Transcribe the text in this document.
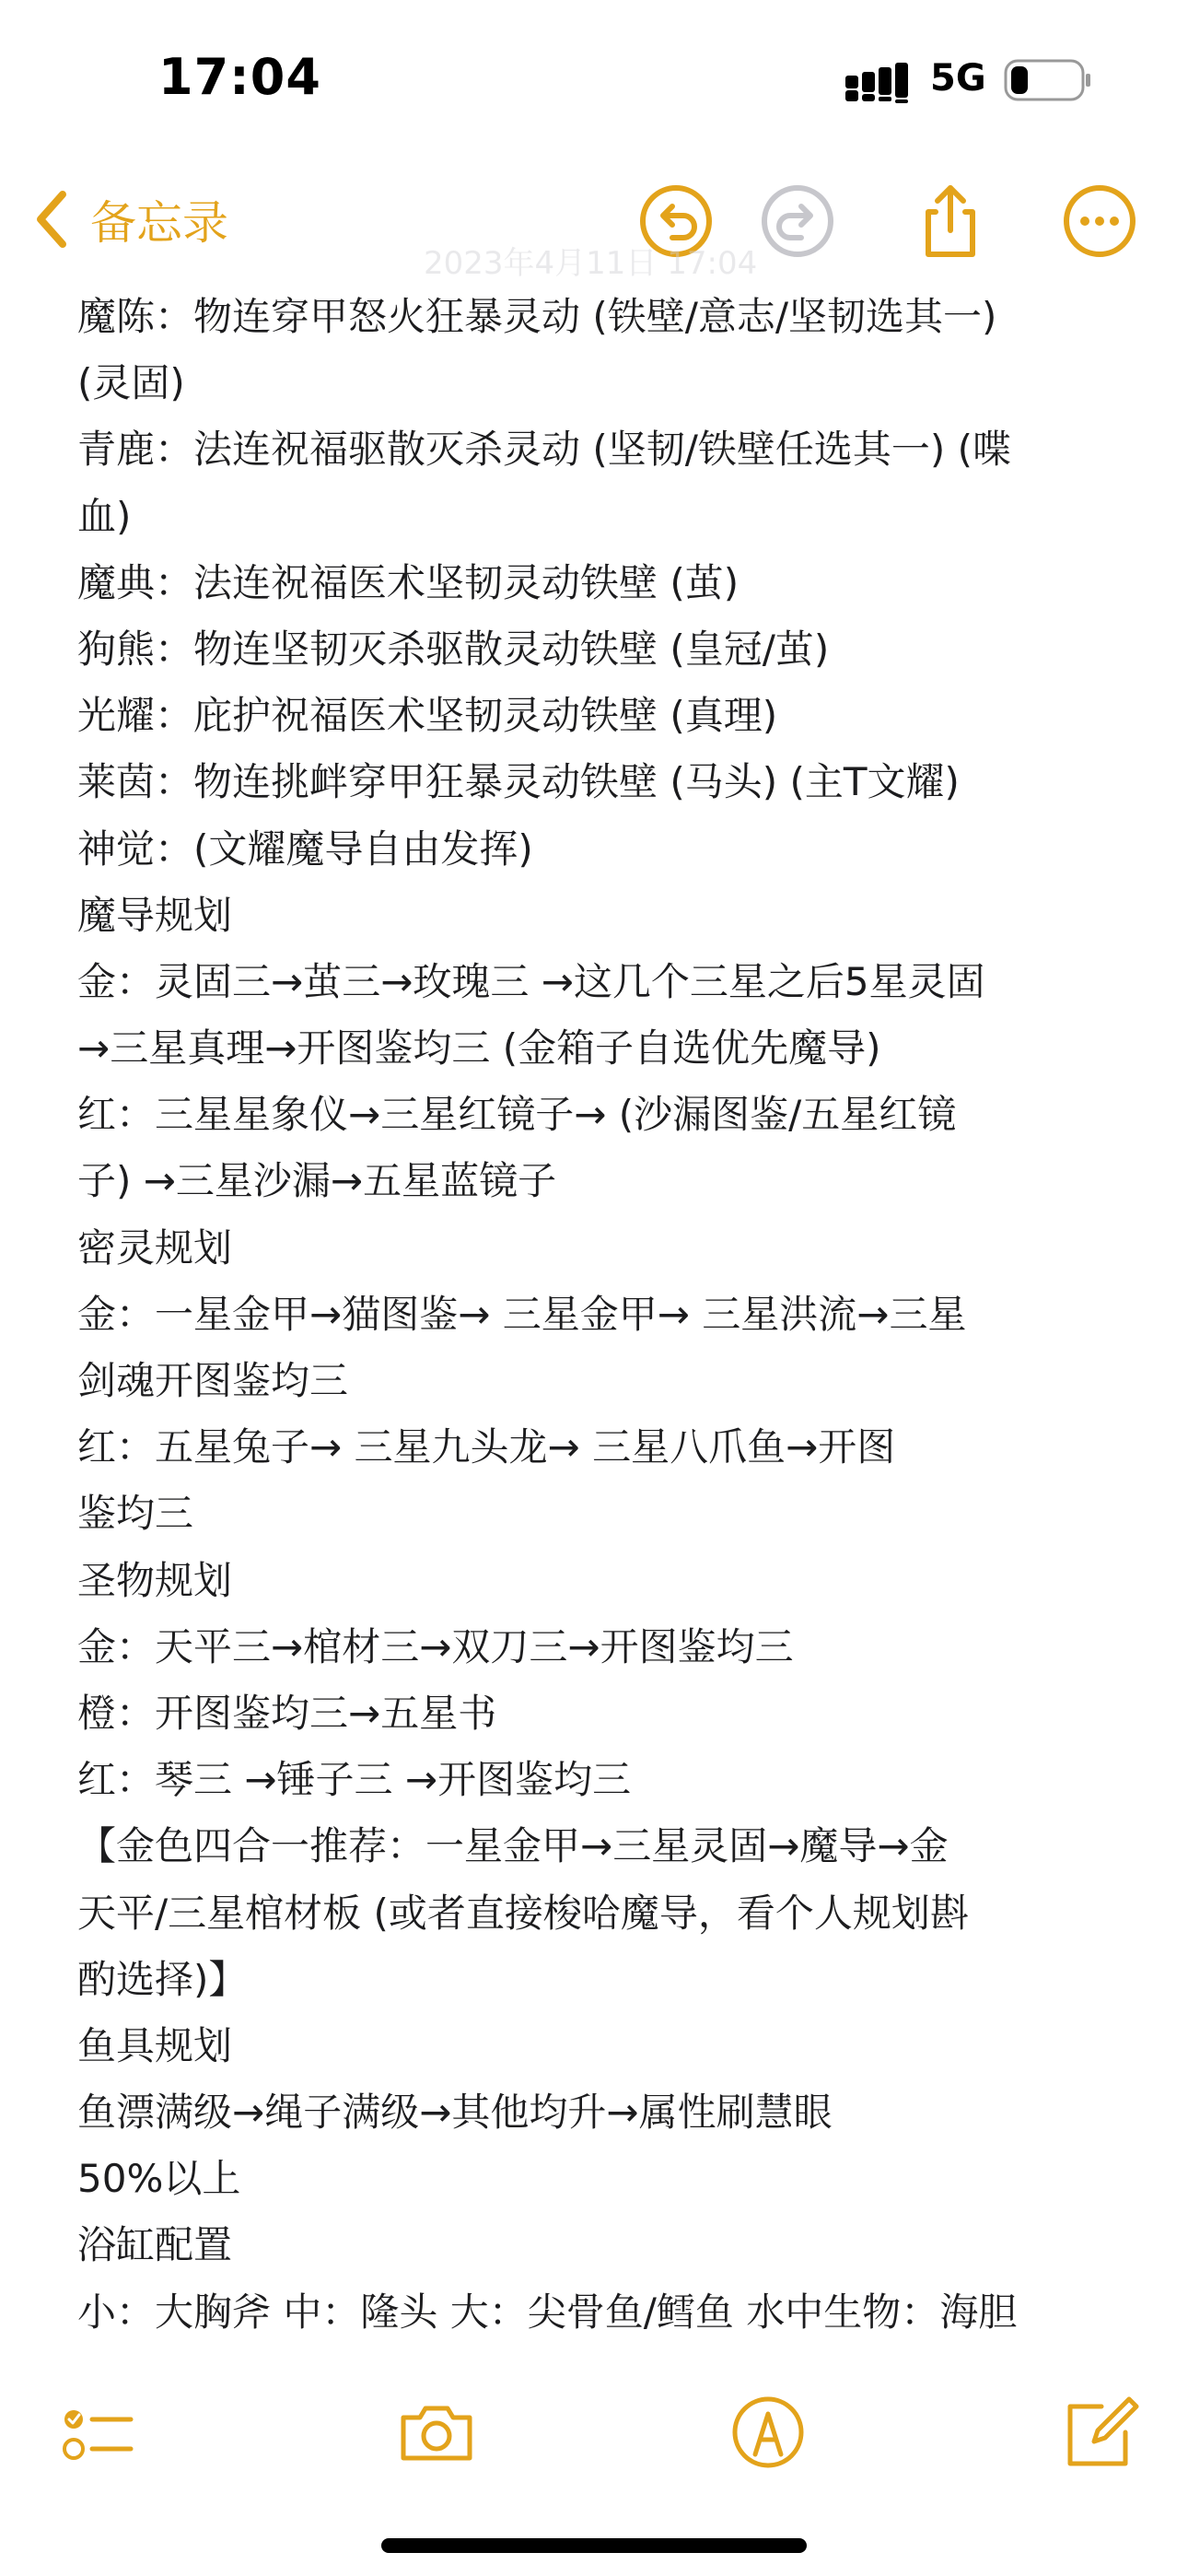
17:04	5G
备忘录
2023年4月11日 17:04
魔陈：物连穿甲怒火狂暴灵动 (铁壁/意志/坚韧选其一)
(灵固)
青鹿：法连祝福驱散灭杀灵动 (坚韧/铁壁任选其一) (喋
血)
魔典：法连祝福医术坚韧灵动铁壁 (茧)
狗熊：物连坚韧灭杀驱散灵动铁壁 (皇冠/茧)
光耀：庇护祝福医术坚韧灵动铁壁 (真理)
莱茵：物连挑衅穿甲狂暴灵动铁壁 (马头) (主T文耀)
神觉：(文耀魔导自由发挥)
魔导规划
金：灵固三→茧三→玫瑰三 →这几个三星之后5星灵固
→三星真理→开图鉴均三 (金箱子自选优先魔导)
红：三星星象仪→三星红镜子→ (沙漏图鉴/五星红镜
子) →三星沙漏→五星蓝镜子
密灵规划
金：一星金甲→猫图鉴→ 三星金甲→ 三星洪流→三星
剑魂开图鉴均三
红：五星兔子→ 三星九头龙→ 三星八爪鱼→开图
鉴均三
圣物规划
金：天平三→棺材三→双刀三→开图鉴均三
橙：开图鉴均三→五星书
红：琴三 →锤子三 →开图鉴均三
【金色四合一推荐：一星金甲→三星灵固→魔导→金
天平/三星棺材板 (或者直接梭哈魔导，看个人规划斟
酌选择)】
鱼具规划
鱼漂满级→绳子满级→其他均升→属性刷慧眼
50%以上
浴缸配置
小：大胸斧 中：隆头 大：尖骨鱼/鳕鱼 水中生物：海胆
